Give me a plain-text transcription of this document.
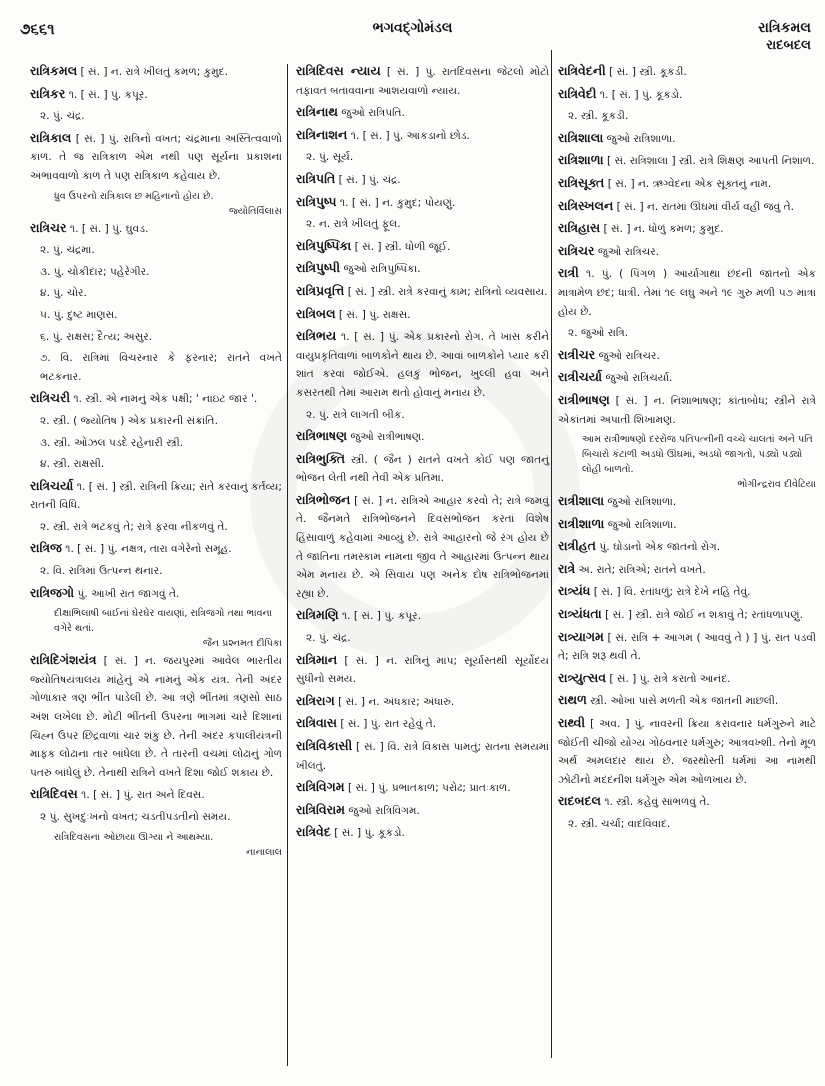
૭૬૬૧	ભગવદ્ગોમંડલ	રાત્રિકમલ
રાદબદલ
રાત્રિકમલ [ સં. ] ન. રાત્રે ખીલતું કમળ; કુમુદ.
રાત્રિકર ૧. [ સં. ] પું. કપૂર.
૨. પું. ચંદ્ર.
રાત્રિકાલ [ સં. ] પું. રાત્રિનો વખત; ચંદ્રમાના અસ્તિત્વવાળો કાળ. તે જ રાત્રિકાળ એમ નથી પણ સૂર્યના પ્રકાશના અભાવવાળો કાળ તે પણ રાત્રિકાળ કહેવાય છે.
ધ્રુવ ઉપરનો રાત્રિકાલ છ મહિનાનો હોય છે.
જ્યોતિર્વિલાસ
રાત્રિચર ૧. [ સં. ] પું. ઘુવડ.
૨. પું. ચંદ્રમા.
૩. પું. ચોકીદાર; પહેરેગીર.
૪. પું. ચોર.
૫. પું. દુષ્ટ માણસ.
૬. પું. રાક્ષસ; દૈત્ય; અસુર.
૭. વિ. રાત્રિમાં વિચરનાર કે ફરનાર; રાતને વખતે ભટકનાર.
રાત્રિચરી ૧. સ્ત્રી. એ નામનું એક પક્ષી; ' નાઇટ જાર '.
૨. સ્ત્રી. ( જ્યોતિષ ) એક પ્રકારની સંક્રાંતિ.
૩. સ્ત્રી. ઓઝલ પડદે રહેનારી સ્ત્રી.
૪. સ્ત્રી. રાક્ષસી.
રાત્રિચર્યા ૧. [ સં. ] સ્ત્રી. રાત્રિની ક્રિયા; રાતે કરવાનું કર્તવ્ય; રાતની વિધિ.
૨. સ્ત્રી. રાત્રે ભટકવું તે; રાત્રે ફરવા નીકળવું તે.
રાત્રિજ ૧. [ સં. ] પું. નક્ષત્ર, તારા વગેરેનો સમૂહ.
૨. વિ. રાત્રિમાં ઉત્પન્ન થનાર.
રાત્રિજગો પું. આખી રાત જાગવું તે.
દીક્ષાભિલાષી બાઈનાં ઘેરઘેર વાયણાં, રાત્રિજગો તથા ભાવના વગેરે થતાં.
જૈન પ્રશ્નમત દીપિકા
રાત્રિદિગંશયંત્ર [ સં. ] ન. જયપુરમાં આવેલ ભારતીય જ્યોતિષયંત્રાલય માંહેનું એ નામનું એક યંત્ર. તેની અંદર ગોળાકાર ત્રણ ભીંત પાડેલી છે. આ ત્રણે ભીંતમાં ત્રણસો સાઠ અંશ લખેલા છે. મોટી ભીંતની ઉપરના ભાગમાં ચારે દિશાનાં ચિહ્ન ઉપર છિદ્રવાળાં ચાર શંકુ છે. તેની અંદર કપાલીયંત્રની માફક લોઢાના તાર બાંધેલા છે. તે તારની વચમાં લોઢાનું ગોળ પતરું બાંધેલું છે. તેનાથી રાત્રિને વખતે દિશા જોઈ શકાય છે.
રાત્રિદિવસ ૧. [ સં. ] પું. રાત અને દિવસ.
૨ પું. સુખદુઃખનો વખત; ચડતીપડતીનો સમય.
રાત્રિદિવસના ઓછાયા ઊગ્યા ને આથમ્યા.
નાનાલાલ
રાત્રિદિવસ ન્યાય [ સં. ] પું. રાતદિવસના જેટલો મોટો તફાવત બતાવવાના આશયવાળો ન્યાય.
રાત્રિનાથ જુઓ રાત્રિપતિ.
રાત્રિનાશન ૧. [ સં. ] પું. આકડાનો છોડ.
૨. પું. સૂર્ય.
રાત્રિપતિ [ સં. ] પું. ચંદ્ર.
રાત્રિપુષ્પ ૧. [ સં. ] ન. કુમુદ; પોયણું.
૨. ન. રાત્રે ખીલતું ફૂલ.
રાત્રિપુષ્પિકા [ સં. ] સ્ત્રી. ધોળી જૂઈ.
રાત્રિપુષ્પી જુઓ રાત્રિપુષ્પિકા.
રાત્રિપ્રવૃત્તિ [ સં. ] સ્ત્રી. રાત્રે કરવાનું કામ; રાત્રિનો વ્યવસાય.
રાત્રિબલ [ સં. ] પું. રાક્ષસ.
રાત્રિભય ૧. [ સં. ] પું. એક પ્રકારનો રોગ. તે ખાસ કરીને વાયુપ્રકૃતિવાળાં બાળકોને થાય છે. આવાં બાળકોને પ્યાર કરી શાંત કરવાં જોઈએ. હલકું ભોજન, ખુલ્લી હવા અને કસરતથી તેમાં આરામ થતો હોવાનું મનાય છે.
૨. પું. રાત્રે લાગતી બીક.
રાત્રિભાષણ જુઓ રાત્રીભાષણ.
રાત્રિભુક્તિ સ્ત્રી. ( જૈન ) રાતને વખતે કોઈ પણ જાતનું ભોજન લેતી નથી તેવી એક પ્રતિમા.
રાત્રિભોજન [ સં. ] ન. રાત્રિએ આહાર કરવો તે; રાત્રે જમવું તે. જૈનમતે રાત્રિભોજનને દિવસભોજન કરતાં વિશેષ હિંસાવાળું કહેવામાં આવ્યું છે. રાત્રે આહારનો જે રંગ હોય છે તે જાતિના તમસ્કામ નામના જીવ તે આહારમાં ઉત્પન્ન થાય એમ મનાય છે. એ સિવાય પણ અનેક દોષ રાત્રિભોજનમાં રહ્યા છે.
રાત્રિમણિ ૧. [ સં. ] પું. કપૂર.
૨. પું. ચંદ્ર.
રાત્રિમાન [ સં. ] ન. રાત્રિનું માપ; સૂર્યાસ્તથી સૂર્યોદય સુધીનો સમય.
રાત્રિરાગ [ સં. ] ન. અંધકાર; અંધારું.
રાત્રિવાસ [ સં. ] પું. રાત રહેવું તે.
રાત્રિવિકાસી [ સં. ] વિ. રાત્રે વિકાસ પામતું; રાતના સમયમાં ખીલતું.
રાત્રિવિગમ [ સં. ] પું. પ્રભાતકાળ; પરોઢ; પ્રાતઃકાળ.
રાત્રિવિરામ જુઓ રાત્રિવિગમ.
રાત્રિવેદ [ સં. ] પું. કૂકડો.
રાત્રિવેદની [ સં. ] સ્ત્રી. કૂકડી.
રાત્રિવેદી ૧. [ સં. ] પું. કૂકડો.
૨. સ્ત્રી. કૂકડી.
રાત્રિશાલા જુઓ રાત્રિશાળા.
રાત્રિશાળા [ સં. રાત્રિશાલા ] સ્ત્રી. રાત્રે શિક્ષણ આપતી નિશાળ.
રાત્રિસૂક્ત [ સં. ] ન. ઋગ્વેદના એક સૂક્તનું નામ.
રાત્રિસ્ખલન [ સં. ] ન. રાતમાં ઊંઘમાં વીર્ય વહી જવું તે.
રાત્રિહાસ [ સં. ] ન. ધોળું કમળ; કુમુદ.
રાત્રિચર જુઓ રાત્રિચર.
રાત્રી ૧. પું. ( પિંગળ ) આર્યાગાથા છંદની જાતનો એક માત્રામેળ છંદ; ધાત્રી. તેમાં ૧૯ લઘુ અને ૧૯ ગુરુ મળી ૫૭ માત્રા હોય છે.
૨. જુઓ રાત્રિ.
રાત્રીચર જુઓ રાત્રિચર.
રાત્રીચર્યા જુઓ રાત્રિચર્યા.
રાત્રીભાષણ [ સં. ] ન. નિશાભાષણ; કાંતાબોધ; સ્ત્રીને રાત્રે એકાંતમાં અપાતી શિખામણ.
આમ રાત્રીભાષણો દરરોજ પતિપત્નીની વચ્ચે ચાલતાં અને પતિ બિચારો કંટાળી અડધો ઊંઘમાં, અડધો જાગતો, પડ્યો પડ્યો લોહી બાળતો.
ભોગીન્દ્રરાવ દીવેટિયા
રાત્રીશાલા જુઓ રાત્રિશાળા.
રાત્રીશાળા જુઓ રાત્રિશાળા.
રાત્રીહત પું. ઘોડાનો એક જાતનો રોગ.
રાત્રે અ. રાતે; રાત્રિએ; રાતને વખતે.
રાત્ર્યંધ [ સં. ] વિ. રતાંધળું; રાત્રે દેખે નહિ તેવું.
રાત્ર્યંધતા [ સં. ] સ્ત્રી. રાત્રે જોઈ ન શકાવું તે; રતાંધળાપણું.
રાત્ર્યાગમ [ સં. રાત્રિ + આગમ ( આવવું તે ) ] પું. રાત પડવી તે; રાત્રિ શરૂ થવી તે.
રાત્ર્યુત્સવ [ સં. ] પું. રાત્રે કરાતો આનંદ.
રાથળ સ્ત્રી. ઓખા પાસે મળતી એક જાતની માછલી.
રાથ્વી [ અવ. ] પું. નાવરની ક્રિયા કરાવનાર ધર્મગુરુને માટે જોઈતી ચીજો યોગ્ય ગોઠવનાર ધર્મગુરુ; આત્રવખ્શી. તેનો મૂળ અર્થ અમલદાર થાય છે. જરથોસ્તી ધર્મમાં આ નામથી ઝોટીનો મદદનીશ ધર્મગુરુ એમ ઓળખાય છે.
રાદબદલ ૧. સ્ત્રી. કહેવું સાંભળવું તે.
૨. સ્ત્રી. ચર્ચા; વાદવિવાદ.
